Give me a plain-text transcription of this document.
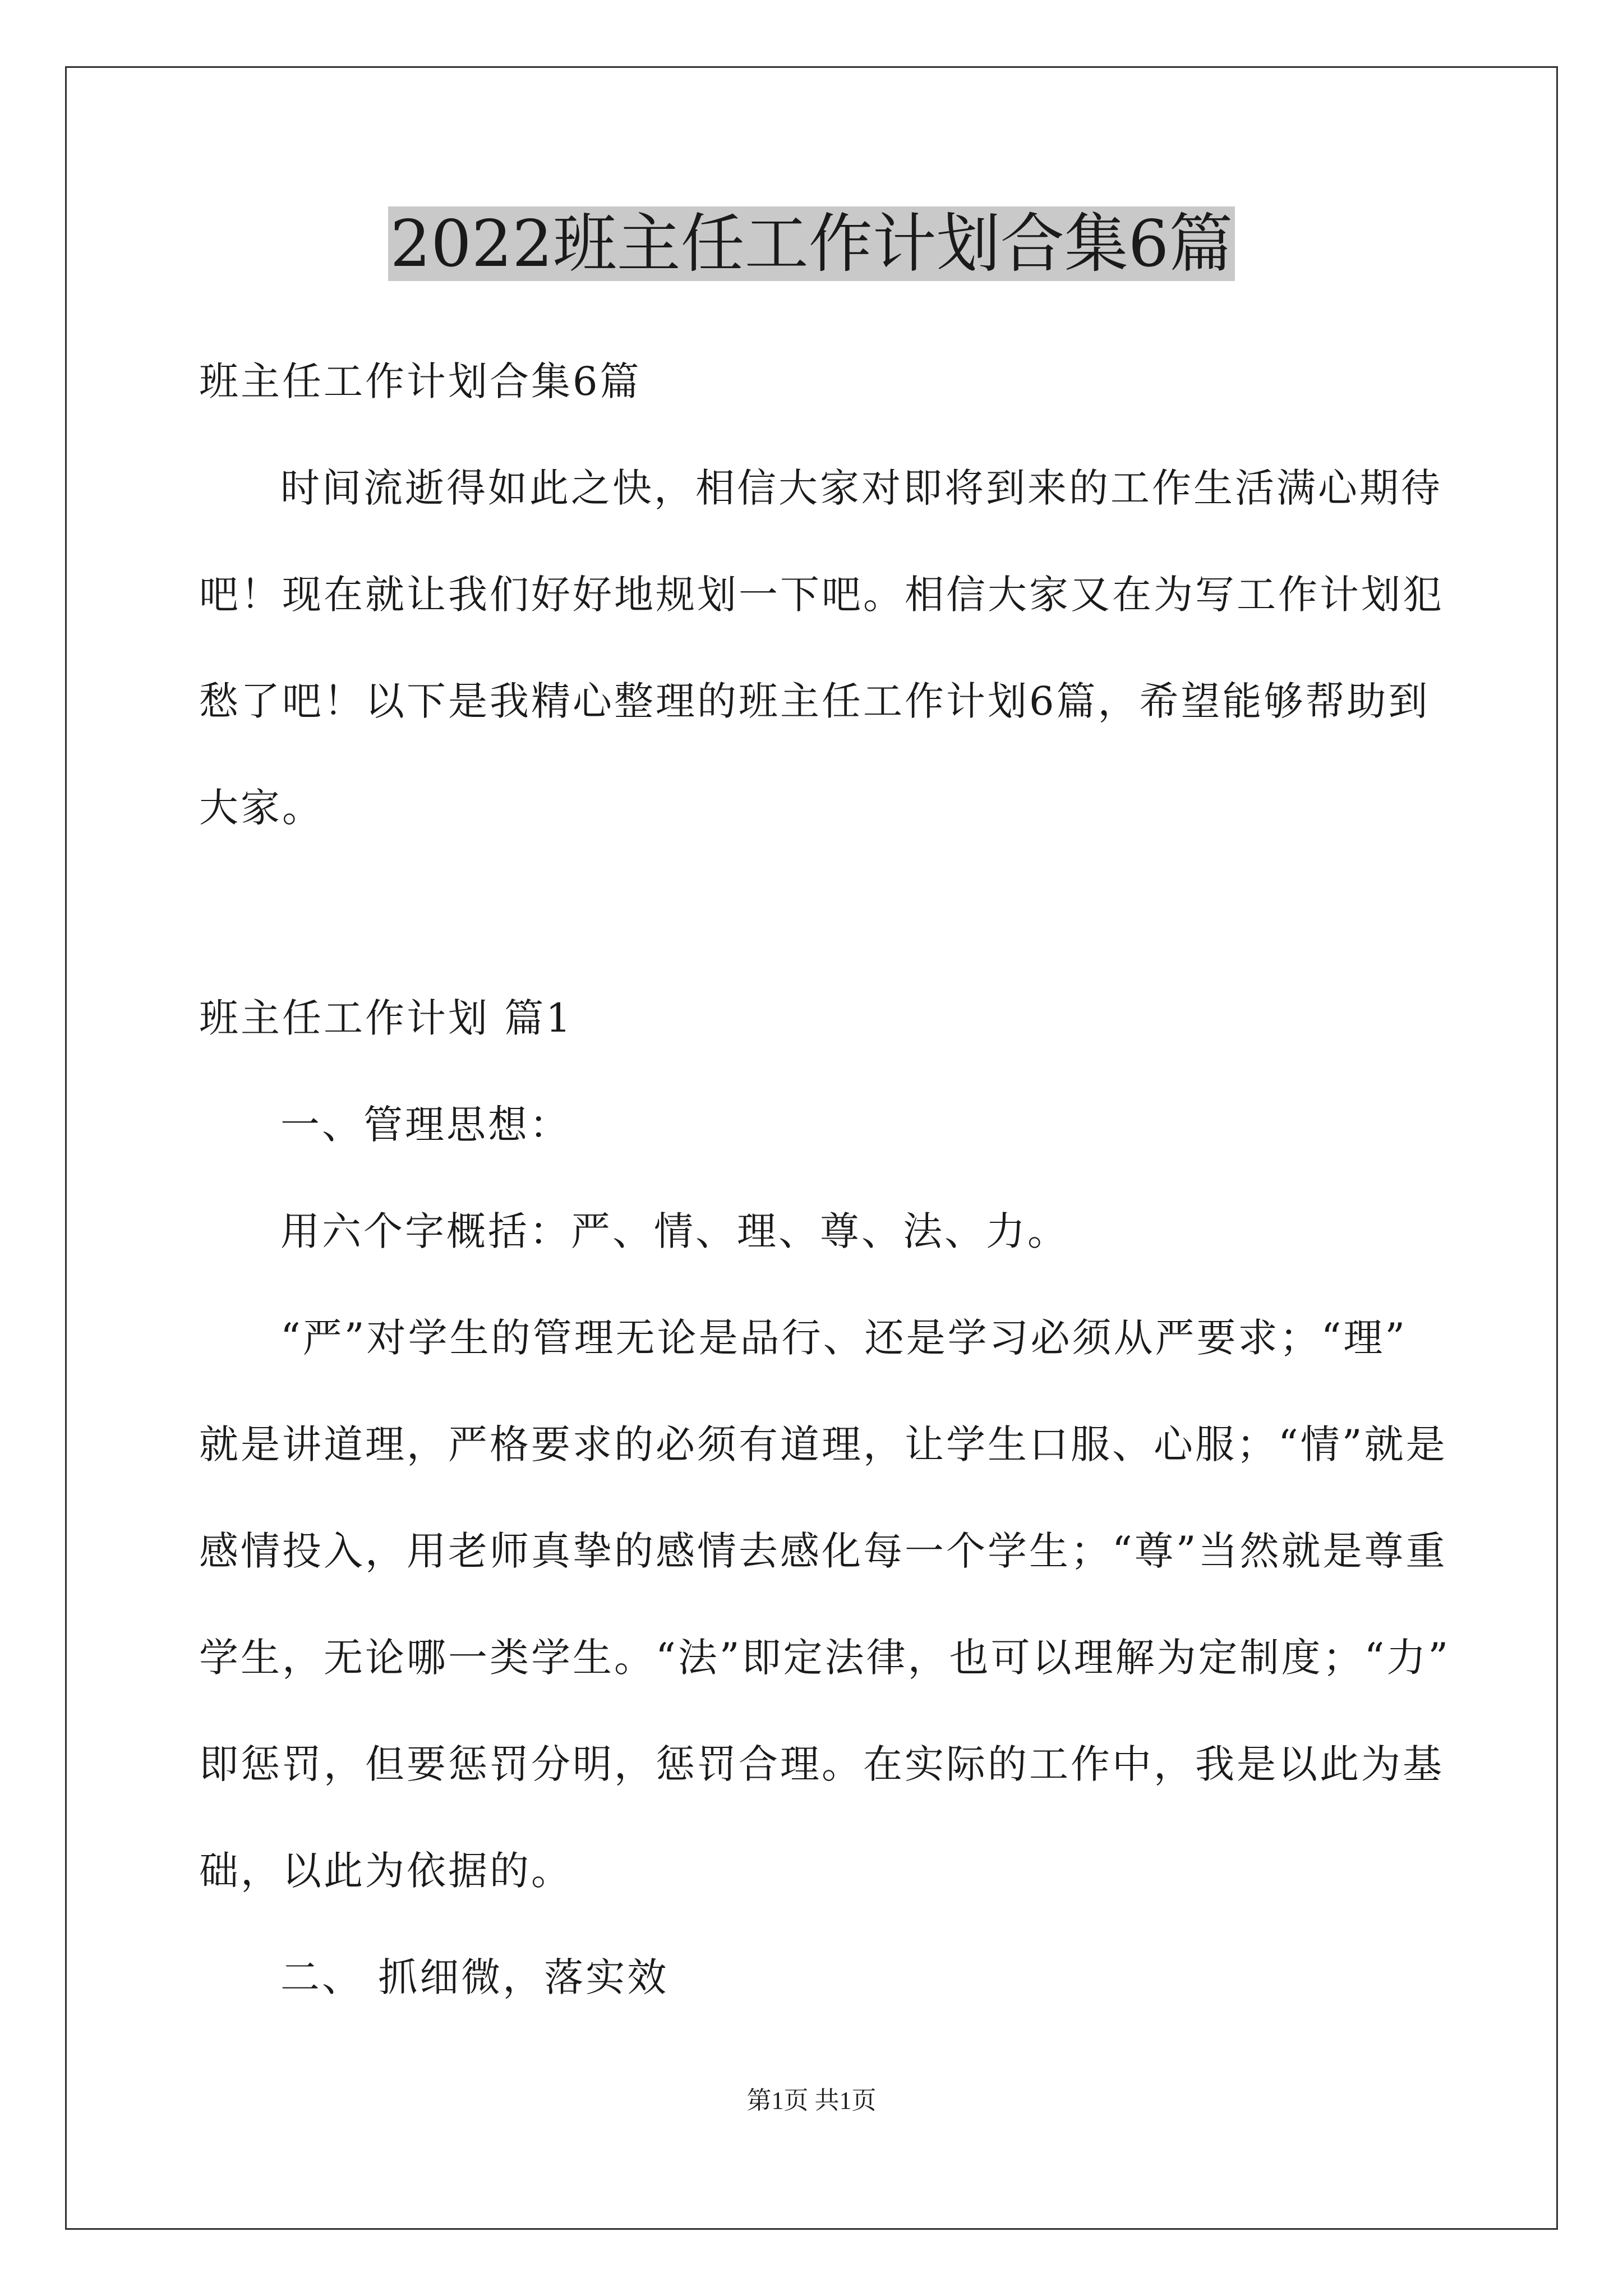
2022班主任工作计划合集6篇
班主任工作计划合集6篇
时间流逝得如此之快，相信大家对即将到来的工作生活满心期待
吧！现在就让我们好好地规划一下吧。相信大家又在为写工作计划犯
愁了吧！以下是我精心整理的班主任工作计划6篇，希望能够帮助到
大家。
班主任工作计划 篇1
一、管理思想：
用六个字概括：严、情、理、尊、法、力。
“严”对学生的管理无论是品行、还是学习必须从严要求；“理”
就是讲道理，严格要求的必须有道理，让学生口服、心服；“情”就是
感情投入，用老师真挚的感情去感化每一个学生；“尊”当然就是尊重
学生，无论哪一类学生。“法”即定法律，也可以理解为定制度；“力”
即惩罚，但要惩罚分明，惩罚合理。在实际的工作中，我是以此为基
础，以此为依据的。
二、 抓细微，落实效
第1页 共1页
